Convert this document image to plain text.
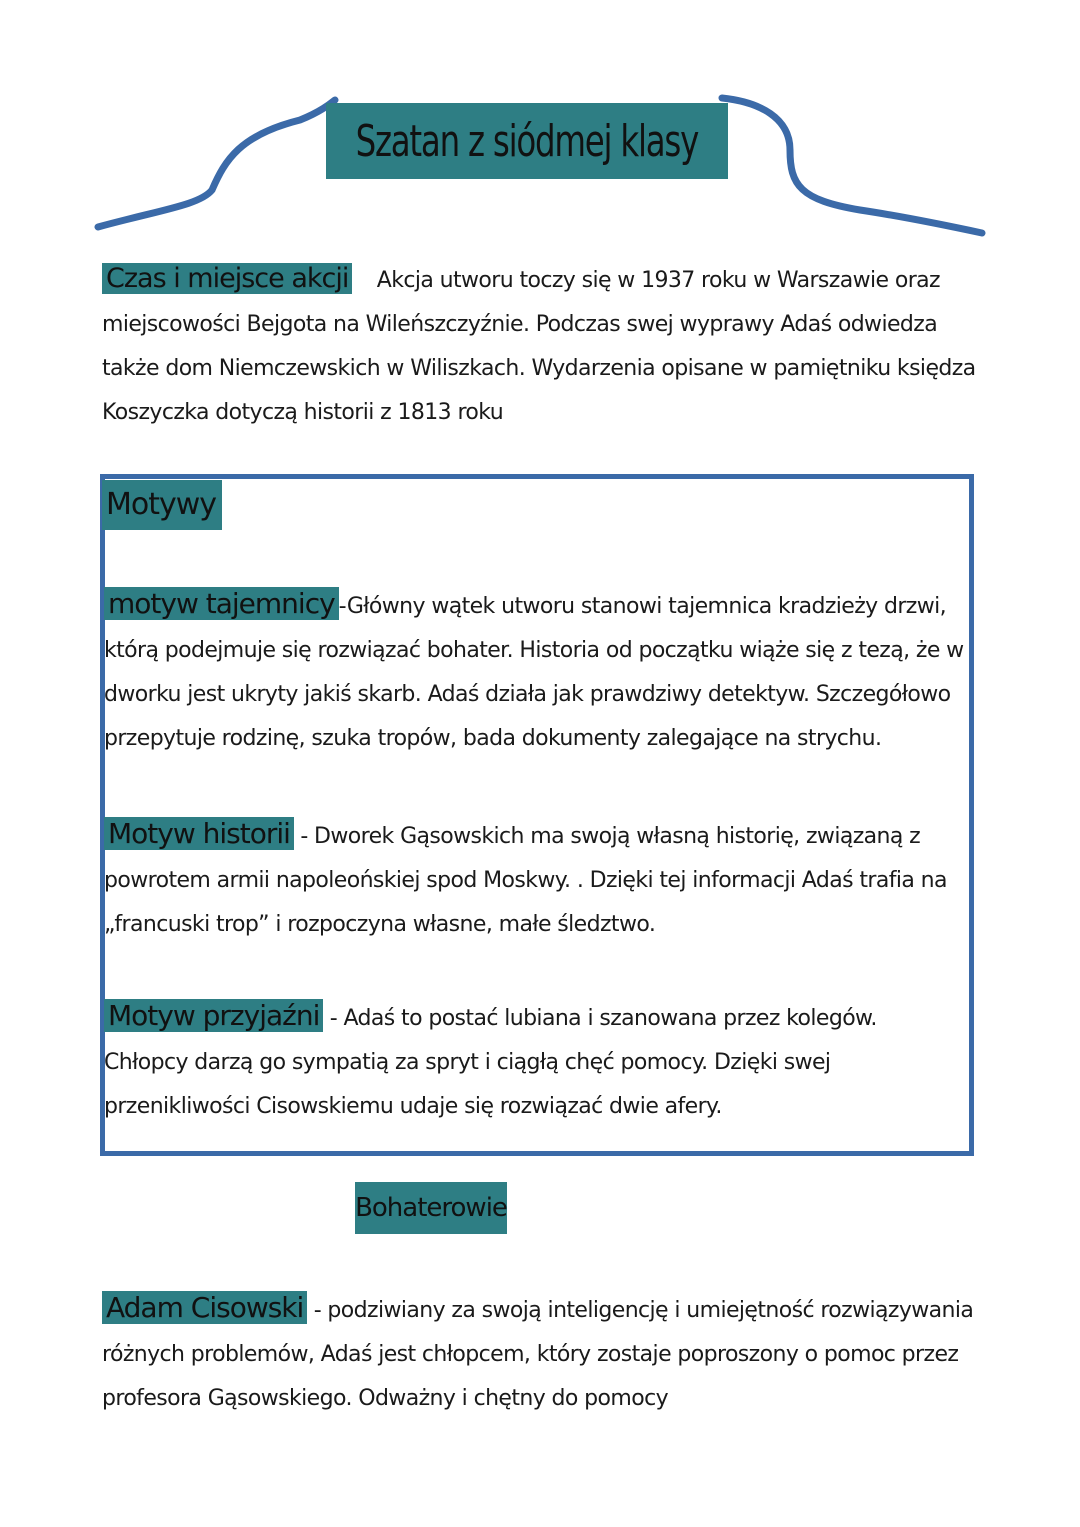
Szatan z siódmej klasy
Czas i miejsce akcji Akcja utworu toczy się w 1937 roku w Warszawie oraz miejscowości Bejgota na Wileńszczyźnie. Podczas swej wyprawy Adaś odwiedza także dom Niemczewskich w Wiliszkach. Wydarzenia opisane w pamiętniku księdza Koszyczka dotyczą historii z 1813 roku
Motywy
motyw tajemnicy -Główny wątek utworu stanowi tajemnica kradzieży drzwi, którą podejmuje się rozwiązać bohater. Historia od początku wiąże się z tezą, że w dworku jest ukryty jakiś skarb. Adaś działa jak prawdziwy detektyw. Szczegółowo przepytuje rodzinę, szuka tropów, bada dokumenty zalegające na strychu.
Motyw historii - Dworek Gąsowskich ma swoją własną historię, związaną z powrotem armii napoleońskiej spod Moskwy. . Dzięki tej informacji Adaś trafia na „francuski trop” i rozpoczyna własne, małe śledztwo.
Motyw przyjaźni - Adaś to postać lubiana i szanowana przez kolegów. Chłopcy darzą go sympatią za spryt i ciągłą chęć pomocy. Dzięki swej przenikliwości Cisowskiemu udaje się rozwiązać dwie afery.
Bohaterowie
Adam Cisowski - podziwiany za swoją inteligencję i umiejętność rozwiązywania różnych problemów, Adaś jest chłopcem, który zostaje poproszony o pomoc przez profesora Gąsowskiego. Odważny i chętny do pomocy
